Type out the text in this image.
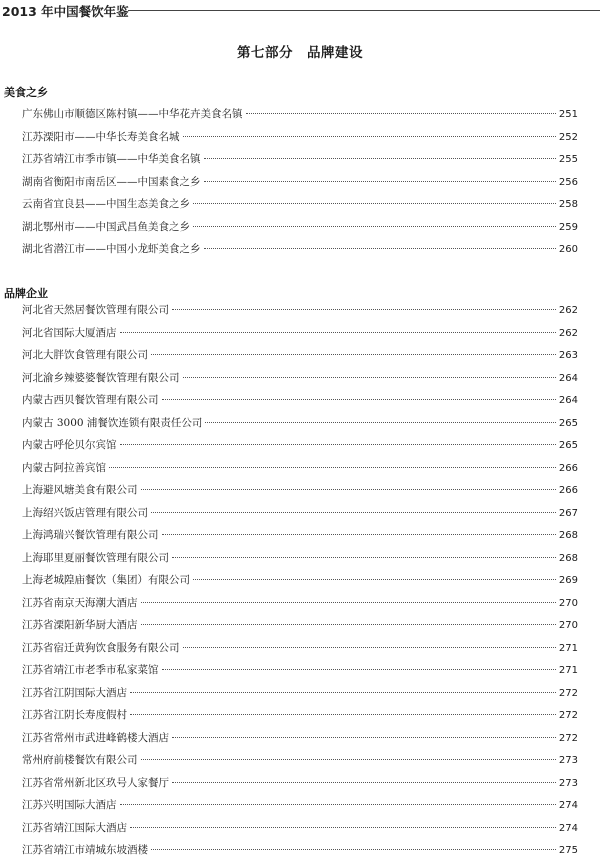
2013 年中国餐饮年鉴
第七部分　品牌建设
美食之乡
广东佛山市顺德区陈村镇——中华花卉美食名镇	251
江苏溧阳市——中华长寿美食名城	252
江苏省靖江市季市镇——中华美食名镇	255
湖南省衡阳市南岳区——中国素食之乡	256
云南省宜良县——中国生态美食之乡	258
湖北鄂州市——中国武昌鱼美食之乡	259
湖北省潜江市——中国小龙虾美食之乡	260
品牌企业
河北省天然居餐饮管理有限公司	262
河北省国际大厦酒店	262
河北大胖饮食管理有限公司	263
河北渝乡辣婆婆餐饮管理有限公司	264
内蒙古西贝餐饮管理有限公司	264
内蒙古 3000 浦餐饮连锁有限责任公司	265
内蒙古呼伦贝尔宾馆	265
内蒙古阿拉善宾馆	266
上海避风塘美食有限公司	266
上海绍兴饭店管理有限公司	267
上海鸿瑞兴餐饮管理有限公司	268
上海耶里夏丽餐饮管理有限公司	268
上海老城隍庙餐饮（集团）有限公司	269
江苏省南京天海潮大酒店	270
江苏省溧阳新华厨大酒店	270
江苏省宿迁黄狗饮食服务有限公司	271
江苏省靖江市老季市私家菜馆	271
江苏省江阴国际大酒店	272
江苏省江阴长寿度假村	272
江苏省常州市武进峰鹤楼大酒店	272
常州府前楼餐饮有限公司	273
江苏省常州新北区玖号人家餐厅	273
江苏兴明国际大酒店	274
江苏省靖江国际大酒店	274
江苏省靖江市靖城东坡酒楼	275
